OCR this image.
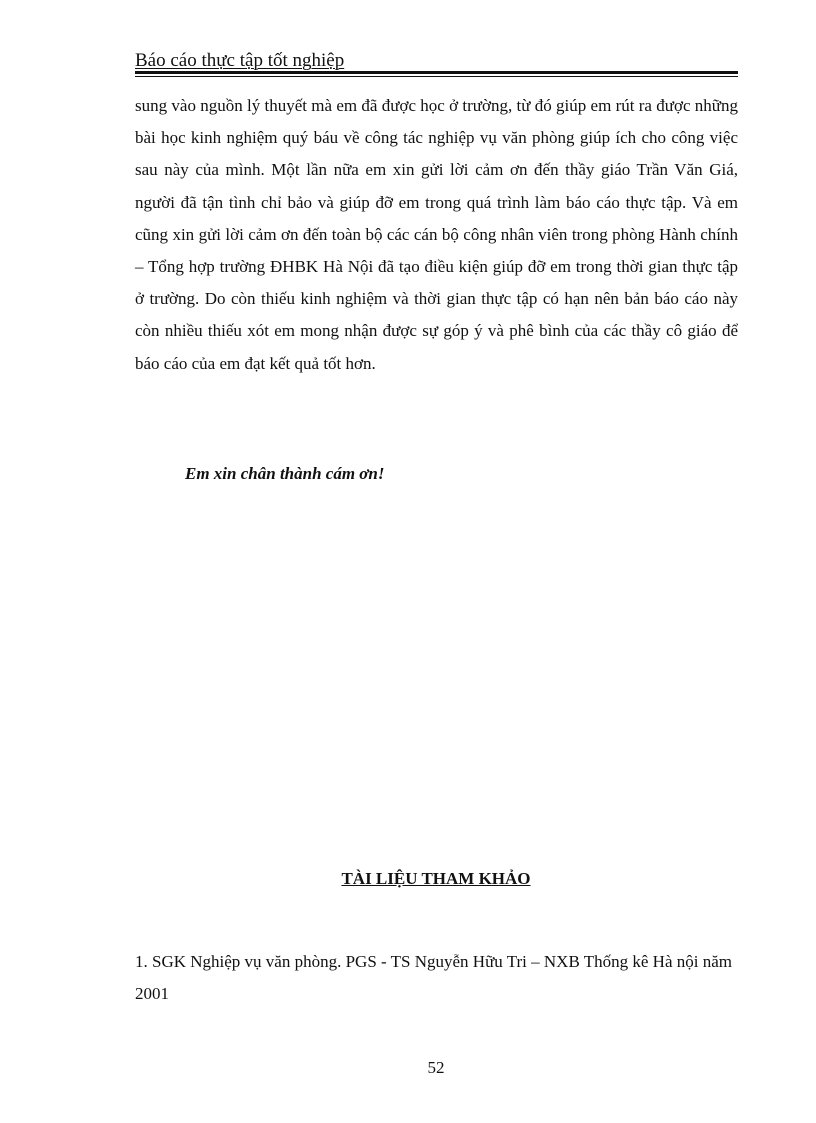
Báo cáo thực tập tốt nghiệp

sung vào nguồn lý thuyết mà em đã được học ở trường, từ đó giúp em rút ra được những bài học kinh nghiệm quý báu về công tác nghiệp vụ văn phòng giúp ích cho công việc sau này của mình. Một lần nữa em xin gửi lời cảm ơn đến thầy giáo Trần Văn Giá, người đã tận tình chỉ bảo và giúp đỡ em trong quá trình làm báo cáo thực tập. Và em cũng xin gửi lời cảm ơn đến toàn bộ các cán bộ công nhân viên trong phòng Hành chính – Tổng hợp trường ĐHBK Hà Nội đã tạo điều kiện giúp đỡ em trong thời gian thực tập ở trường. Do còn thiếu kinh nghiệm và thời gian thực tập có hạn nên bản báo cáo này còn nhiều thiếu xót em mong nhận được sự góp ý và phê bình của các thầy cô giáo để báo cáo của em đạt kết quả tốt hơn.

Em xin chân thành cám ơn!

TÀI LIỆU THAM KHẢO

1. SGK Nghiệp vụ văn phòng. PGS - TS Nguyễn Hữu Tri – NXB Thống kê Hà nội năm 2001

52
